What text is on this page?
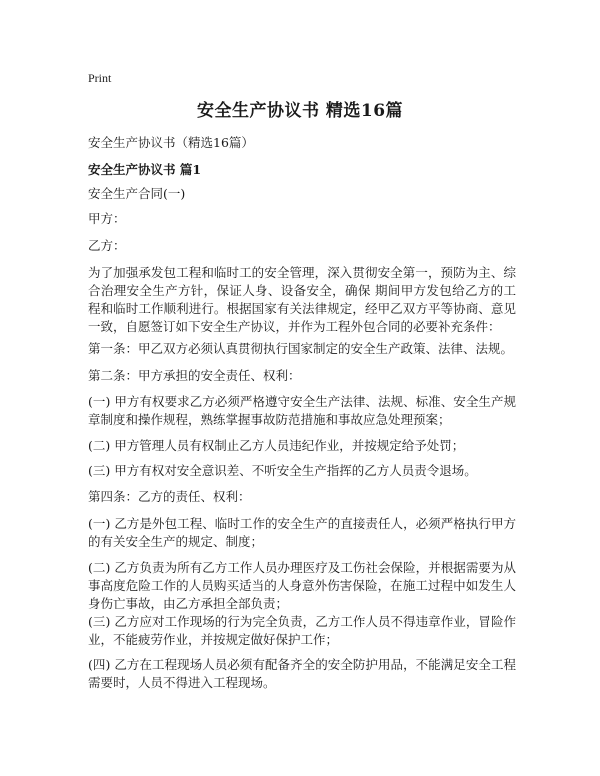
Print
安全生产协议书 精选16篇
安全生产协议书（精选16篇）
安全生产协议书 篇1
安全生产合同(一)
甲方：
乙方：
为了加强承发包工程和临时工的安全管理，深入贯彻安全第一，预防为主、综合治理安全生产方针，保证人身、设备安全，确保 期间甲方发包给乙方的工程和临时工作顺利进行。根据国家有关法律规定，经甲乙双方平等协商、意见一致，自愿签订如下安全生产协议，并作为工程外包合同的必要补充条件：
第一条：甲乙双方必须认真贯彻执行国家制定的安全生产政策、法律、法规。
第二条：甲方承担的安全责任、权利：
(一) 甲方有权要求乙方必须严格遵守安全生产法律、法规、标准、安全生产规章制度和操作规程，熟练掌握事故防范措施和事故应急处理预案；
(二) 甲方管理人员有权制止乙方人员违纪作业，并按规定给予处罚；
(三) 甲方有权对安全意识差、不听安全生产指挥的乙方人员责令退场。
第四条：乙方的责任、权利：
(一) 乙方是外包工程、临时工作的安全生产的直接责任人，必须严格执行甲方的有关安全生产的规定、制度；
(二) 乙方负责为所有乙方工作人员办理医疗及工伤社会保险，并根据需要为从事高度危险工作的人员购买适当的人身意外伤害保险，在施工过程中如发生人身伤亡事故，由乙方承担全部负责；
(三) 乙方应对工作现场的行为完全负责，乙方工作人员不得违章作业，冒险作业，不能疲劳作业，并按规定做好保护工作；
(四) 乙方在工程现场人员必须有配备齐全的安全防护用品，不能满足安全工程需要时，人员不得进入工程现场。
